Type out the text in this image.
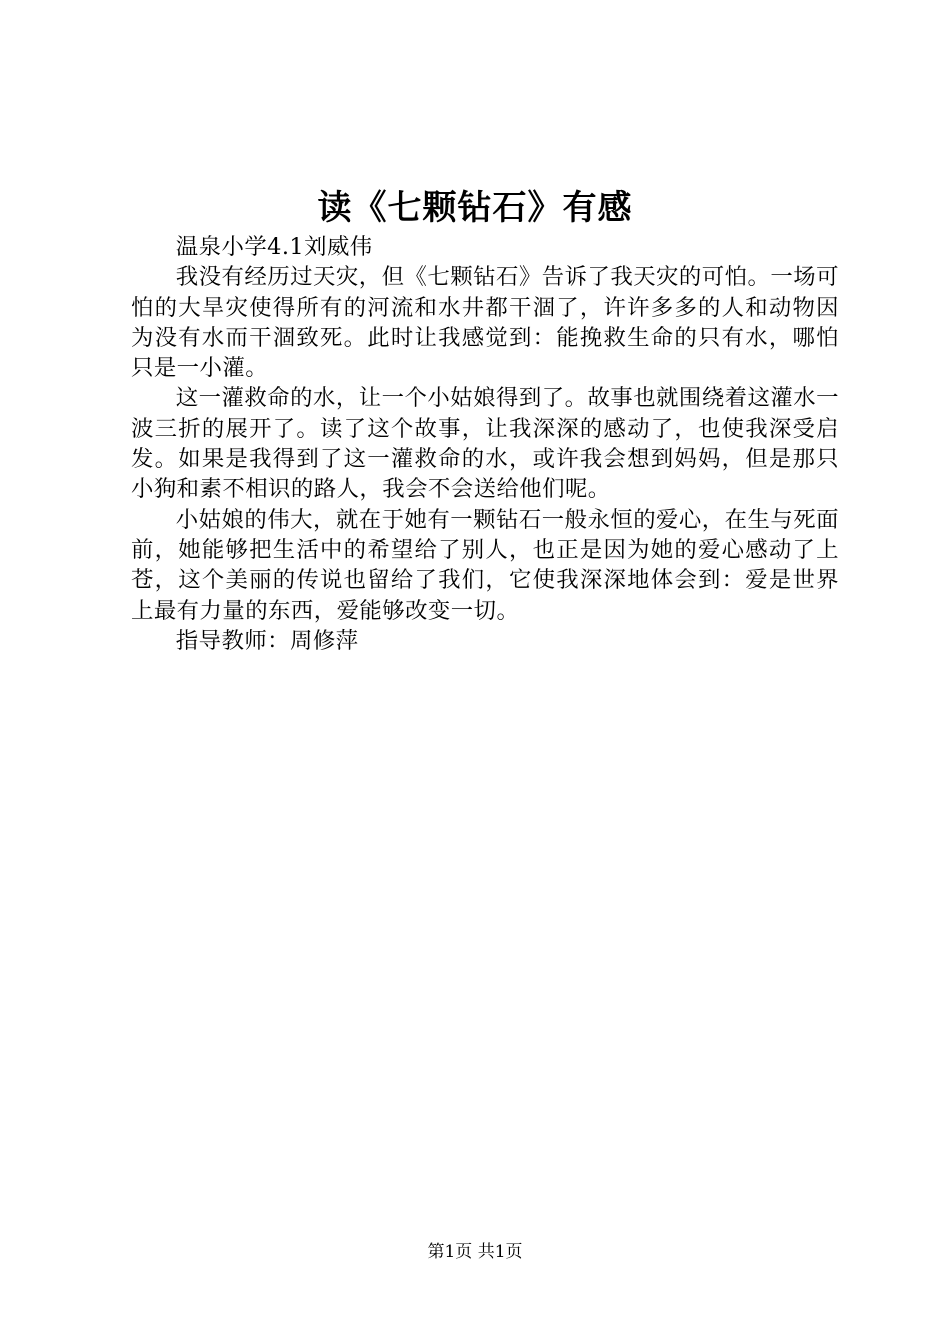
读《七颗钻石》有感

温泉小学4.1刘威伟

我没有经历过天灾，但《七颗钻石》告诉了我天灾的可怕。一场可怕的大旱灾使得所有的河流和水井都干涸了，许许多多的人和动物因为没有水而干涸致死。此时让我感觉到：能挽救生命的只有水，哪怕只是一小灌。

这一灌救命的水，让一个小姑娘得到了。故事也就围绕着这灌水一波三折的展开了。读了这个故事，让我深深的感动了，也使我深受启发。如果是我得到了这一灌救命的水，或许我会想到妈妈，但是那只小狗和素不相识的路人，我会不会送给他们呢。

小姑娘的伟大，就在于她有一颗钻石一般永恒的爱心，在生与死面前，她能够把生活中的希望给了别人，也正是因为她的爱心感动了上苍，这个美丽的传说也留给了我们，它使我深深地体会到：爱是世界上最有力量的东西，爱能够改变一切。

指导教师：周修萍

第1页 共1页
